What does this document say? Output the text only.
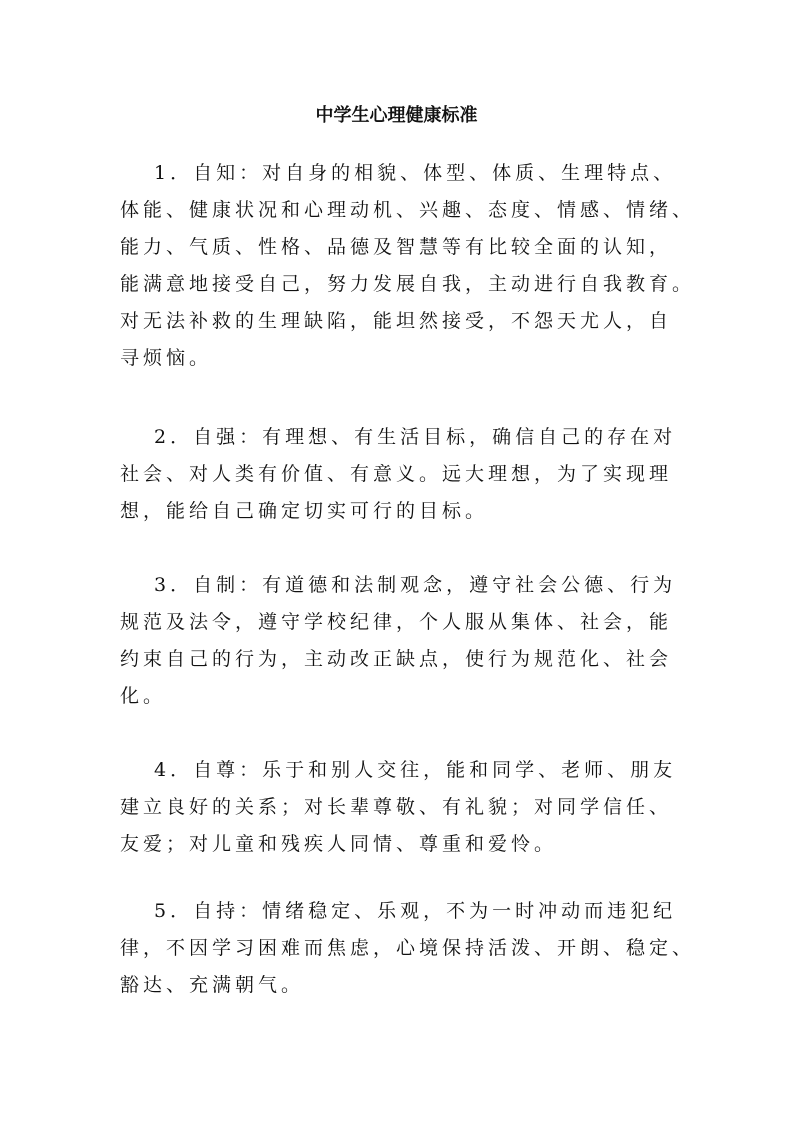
中学生心理健康标准
1．自知：对自身的相貌、体型、体质、生理特点、
体能、健康状况和心理动机、兴趣、态度、情感、情绪、
能力、气质、性格、品德及智慧等有比较全面的认知，
能满意地接受自己，努力发展自我，主动进行自我教育。
对无法补救的生理缺陷，能坦然接受，不怨天尤人，自
寻烦恼。
2．自强：有理想、有生活目标，确信自己的存在对
社会、对人类有价值、有意义。远大理想，为了实现理
想，能给自己确定切实可行的目标。
3．自制：有道德和法制观念，遵守社会公德、行为
规范及法令，遵守学校纪律，个人服从集体、社会，能
约束自己的行为，主动改正缺点，使行为规范化、社会
化。
4．自尊：乐于和别人交往，能和同学、老师、朋友
建立良好的关系；对长辈尊敬、有礼貌；对同学信任、
友爱；对儿童和残疾人同情、尊重和爱怜。
5．自持：情绪稳定、乐观，不为一时冲动而违犯纪
律，不因学习困难而焦虑，心境保持活泼、开朗、稳定、
豁达、充满朝气。
